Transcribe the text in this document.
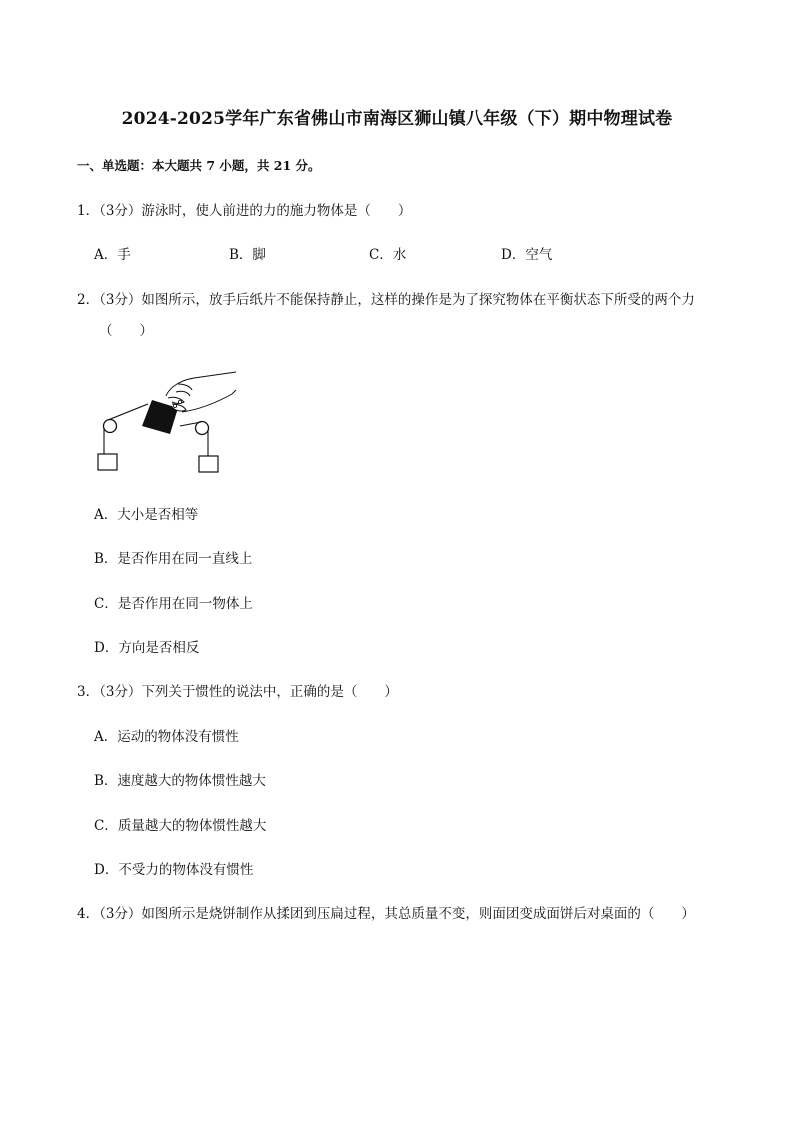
2024-2025学年广东省佛山市南海区狮山镇八年级（下）期中物理试卷
一、单选题：本大题共 7 小题，共 21 分。
1．（3分）游泳时，使人前进的力的施力物体是（　　）
A．手	B．脚	C．水	D．空气
2．（3分）如图所示，放手后纸片不能保持静止，这样的操作是为了探究物体在平衡状态下所受的两个力
（　　）
A．大小是否相等
B．是否作用在同一直线上
C．是否作用在同一物体上
D．方向是否相反
3．（3分）下列关于惯性的说法中，正确的是（　　）
A．运动的物体没有惯性
B．速度越大的物体惯性越大
C．质量越大的物体惯性越大
D．不受力的物体没有惯性
4．（3分）如图所示是烧饼制作从揉团到压扁过程，其总质量不变，则面团变成面饼后对桌面的（　　）
